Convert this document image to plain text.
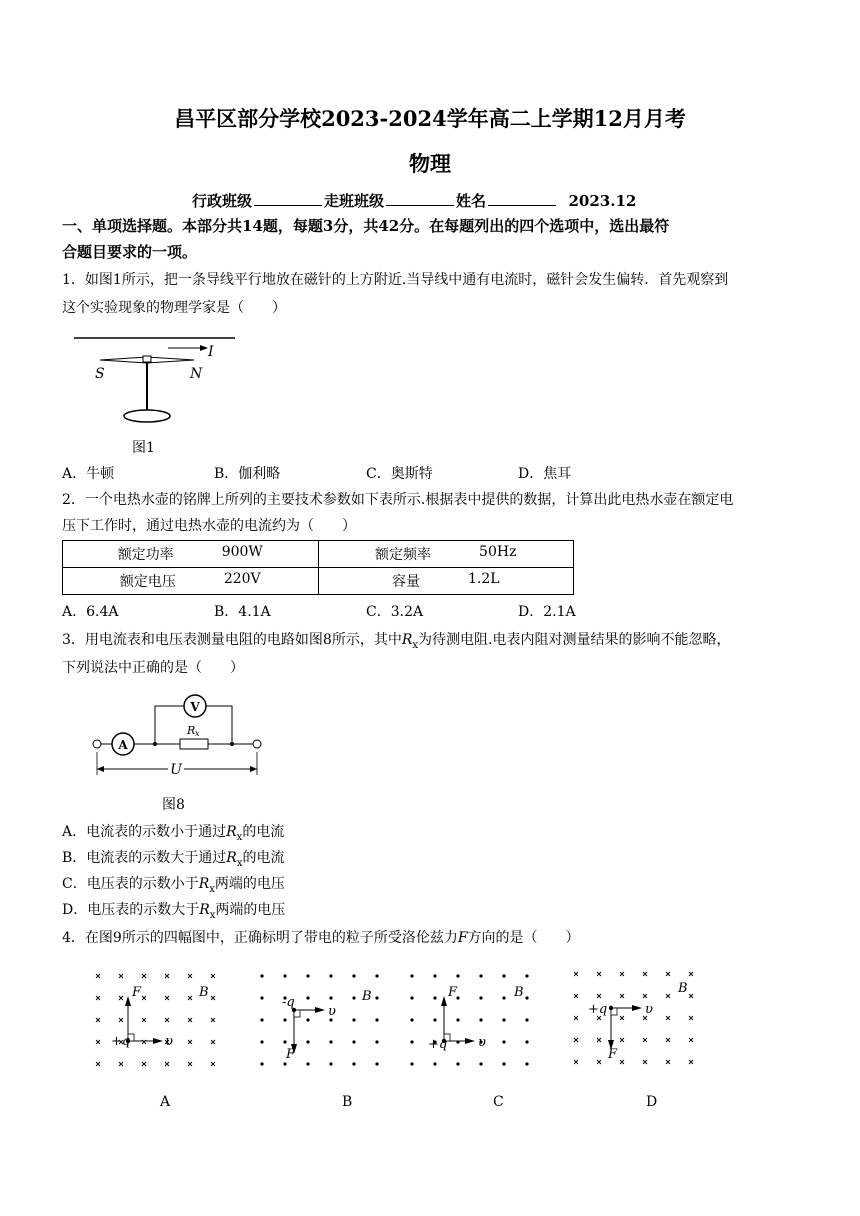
昌平区部分学校2023-2024学年高二上学期12月月考
物理
行政班级	走班班级	姓名	2023.12
一、单项选择题。本部分共14题，每题3分，共42分。在每题列出的四个选项中，选出最符
合题目要求的一项。
1．如图1所示，把一条导线平行地放在磁针的上方附近.当导线中通有电流时，磁针会发生偏转．首先观察到
这个实验现象的物理学家是（　　）
I
S	N
图1
A．牛顿	B．伽利略	C．奥斯特	D．焦耳
2．一个电热水壶的铭牌上所列的主要技术参数如下表所示.根据表中提供的数据，计算出此电热水壶在额定电
压下工作时，通过电热水壶的电流约为（　　）
额定功率 900W	额定频率 50Hz

额定电压 220V	容量 1.2L
A．6.4A	B．4.1A	C．3.2A	D．2.1A
3．用电流表和电压表测量电阻的电路如图8所示，其中$R_x$为待测电阻.电表内阻对测量结果的影响不能忽略，
下列说法中正确的是（　　）
A
V
R x
U
图8
A．电流表的示数小于通过$R_x$的电流
B．电流表的示数大于通过$R_x$的电流
C．电压表的示数小于$R_x$两端的电压
D．电压表的示数大于$R_x$两端的电压
4．在图9所示的四幅图中，正确标明了带电的粒子所受洛伦兹力F方向的是（　　）
F	B
+q	υ
A
-q	B
υ
F
B
F	B
+q υ
C
+q
B
υ
F
D
